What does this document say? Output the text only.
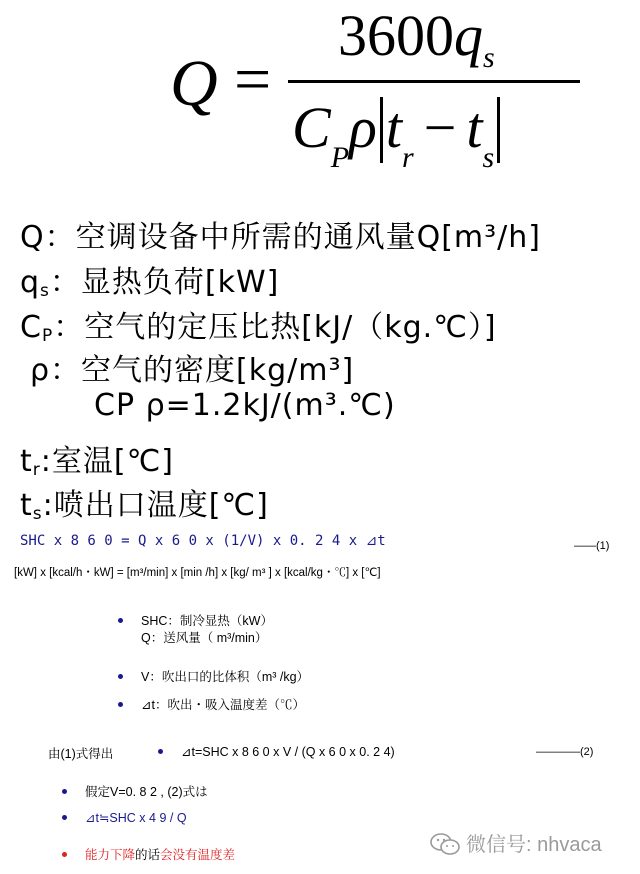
Q =
$3600q_s$
$C_P\rho$ $t_r - t_s$
Q：空调设备中所需的通风量Q[m³/h]
$q_s$：显热负荷[kW]
$C_P$：空气的定压比热[kJ/（kg.℃）]
ρ：空气的密度[kg/m³]
CP ρ=1.2kJ/(m³.℃)
$t_r$:室温[℃]
$t_s$:喷出口温度[℃]
SHC x 8 6 0 = Q x 6 0 x (1/V) x 0. 2 4 x ⊿t	——(1)
[kW] x [kcal/h・kW] = [m³/min] x [min /h] x [kg/ m³ ] x [kcal/kg・℃] x [℃]
SHC：制冷显热（kW）
Q：送风量（ m³/min）
V：吹出口的比体积（m³ /kg）
⊿t：吹出・吸入温度差（℃）
由(1)式得出	⊿t=SHC x 8 6 0 x V / (Q x 6 0 x 0. 2 4)	————(2)
假定V=0. 8 2 , (2)式は
⊿t≒SHC x 4 9 / Q
能力下降的话会没有温度差	微信号: nhvaca
